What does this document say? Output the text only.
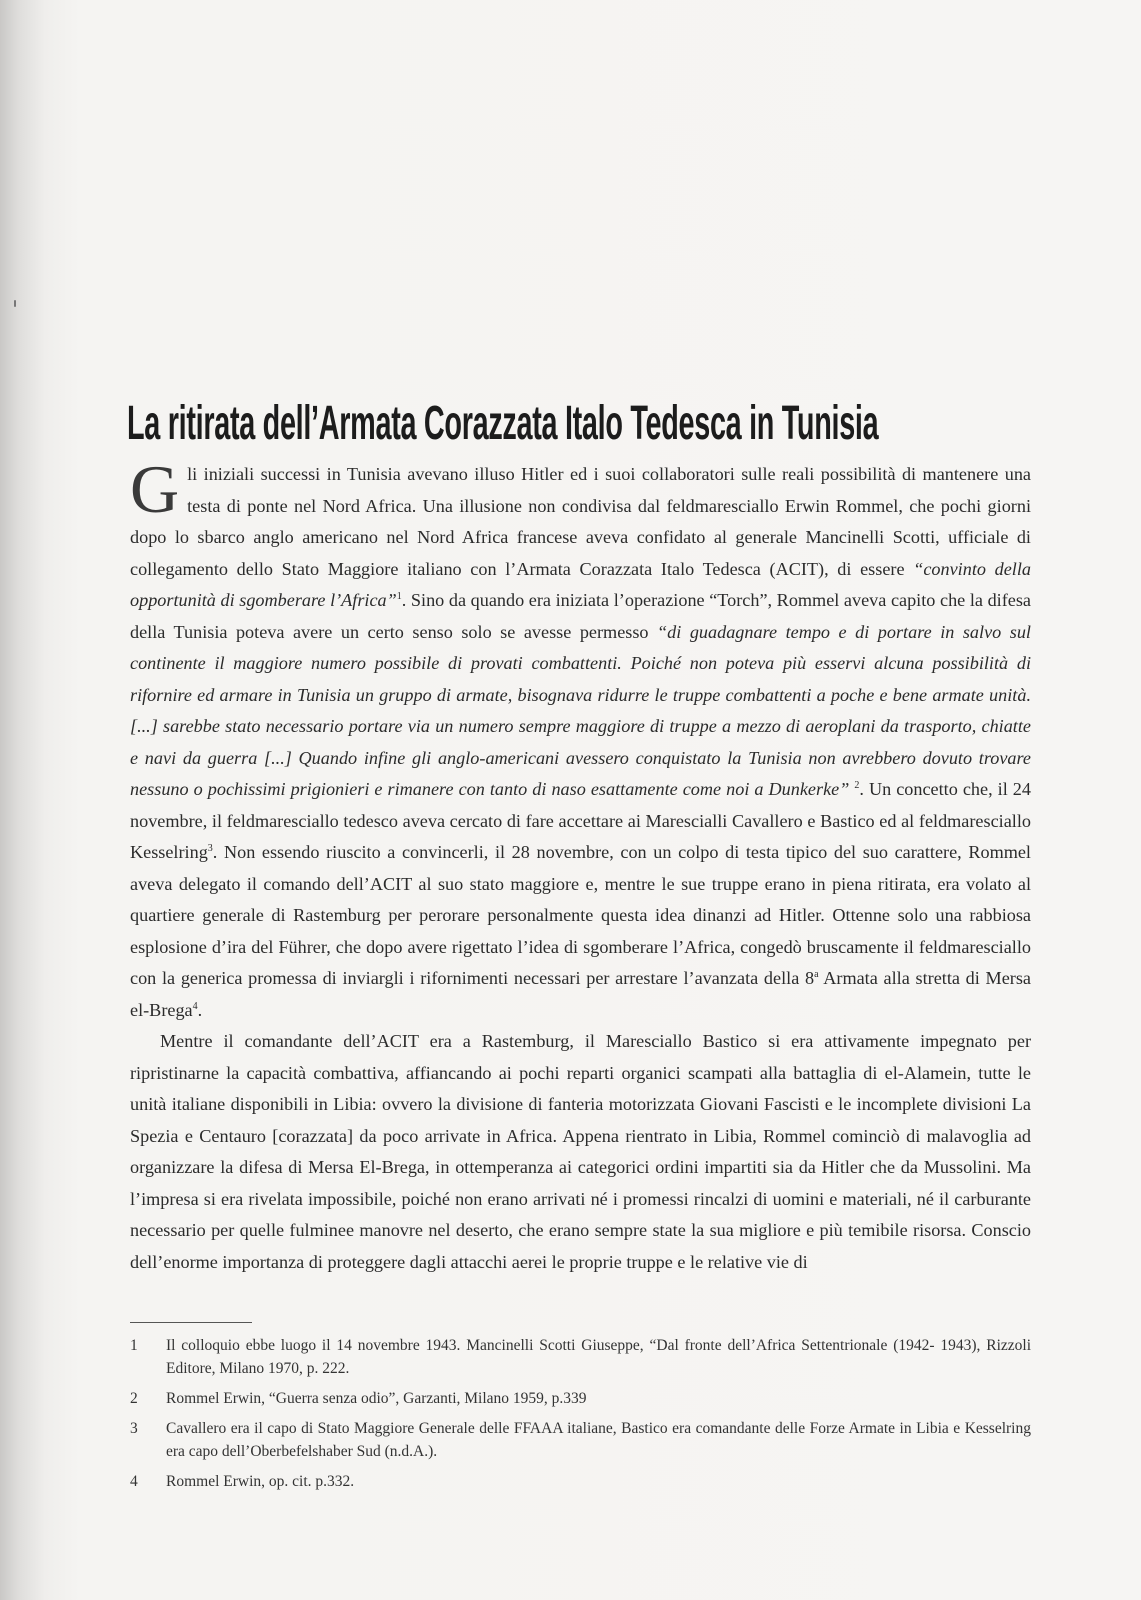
La ritirata dell’Armata Corazzata Italo Tedesca in Tunisia

Gli iniziali successi in Tunisia avevano illuso Hitler ed i suoi collaboratori sulle reali possibilità di mantenere una testa di ponte nel Nord Africa. Una illusione non condivisa dal feldmaresciallo Erwin Rommel, che pochi giorni dopo lo sbarco anglo americano nel Nord Africa francese aveva confidato al generale Mancinelli Scotti, ufficiale di collegamento dello Stato Maggiore italiano con l’Armata Corazzata Italo Tedesca (ACIT), di essere “convinto della opportunità di sgomberare l’Africa”$^1$. Sino da quando era iniziata l’operazione “Torch”, Rommel aveva capito che la difesa della Tunisia poteva avere un certo senso solo se avesse permesso “di guadagnare tempo e di portare in salvo sul continente il maggiore numero possibile di provati combattenti. Poiché non poteva più esservi alcuna possibilità di rifornire ed armare in Tunisia un gruppo di armate, bisognava ridurre le truppe combattenti a poche e bene armate unità. [...] sarebbe stato necessario portare via un numero sempre maggiore di truppe a mezzo di aeroplani da trasporto, chiatte e navi da guerra [...] Quando infine gli anglo-americani avessero conquistato la Tunisia non avrebbero dovuto trovare nessuno o pochissimi prigionieri e rimanere con tanto di naso esattamente come noi a Dunkerke” $^2$. Un concetto che, il 24 novembre, il feldmaresciallo tedesco aveva cercato di fare accettare ai Marescialli Cavallero e Bastico ed al feldmaresciallo Kesselring$^3$. Non essendo riuscito a convincerli, il 28 novembre, con un colpo di testa tipico del suo carattere, Rommel aveva delegato il comando dell’ACIT al suo stato maggiore e, mentre le sue truppe erano in piena ritirata, era volato al quartiere generale di Rastemburg per perorare personalmente questa idea dinanzi ad Hitler. Ottenne solo una rabbiosa esplosione d’ira del Führer, che dopo avere rigettato l’idea di sgomberare l’Africa, congedò bruscamente il feldmaresciallo con la generica promessa di inviargli i rifornimenti necessari per arrestare l’avanzata della 8$^a$ Armata alla stretta di Mersa el-Brega$^4$.

Mentre il comandante dell’ACIT era a Rastemburg, il Maresciallo Bastico si era attivamente impegnato per ripristinarne la capacità combattiva, affiancando ai pochi reparti organici scampati alla battaglia di el-Alamein, tutte le unità italiane disponibili in Libia: ovvero la divisione di fanteria motorizzata Giovani Fascisti e le incomplete divisioni La Spezia e Centauro [corazzata] da poco arrivate in Africa. Appena rientrato in Libia, Rommel cominciò di malavoglia ad organizzare la difesa di Mersa El-Brega, in ottemperanza ai categorici ordini impartiti sia da Hitler che da Mussolini. Ma l’impresa si era rivelata impossibile, poiché non erano arrivati né i promessi rincalzi di uomini e materiali, né il carburante necessario per quelle fulminee manovre nel deserto, che erano sempre state la sua migliore e più temibile risorsa. Conscio dell’enorme importanza di proteggere dagli attacchi aerei le proprie truppe e le relative vie di

1	Il colloquio ebbe luogo il 14 novembre 1943. Mancinelli Scotti Giuseppe, “Dal fronte dell’Africa Settentrionale (1942- 1943), Rizzoli Editore, Milano 1970, p. 222.
2	Rommel Erwin, “Guerra senza odio”, Garzanti, Milano 1959, p.339
3	Cavallero era il capo di Stato Maggiore Generale delle FFAAA italiane, Bastico era comandante delle Forze Armate in Libia e Kesselring era capo dell’Oberbefelshaber Sud (n.d.A.).
4	Rommel Erwin, op. cit. p.332.
